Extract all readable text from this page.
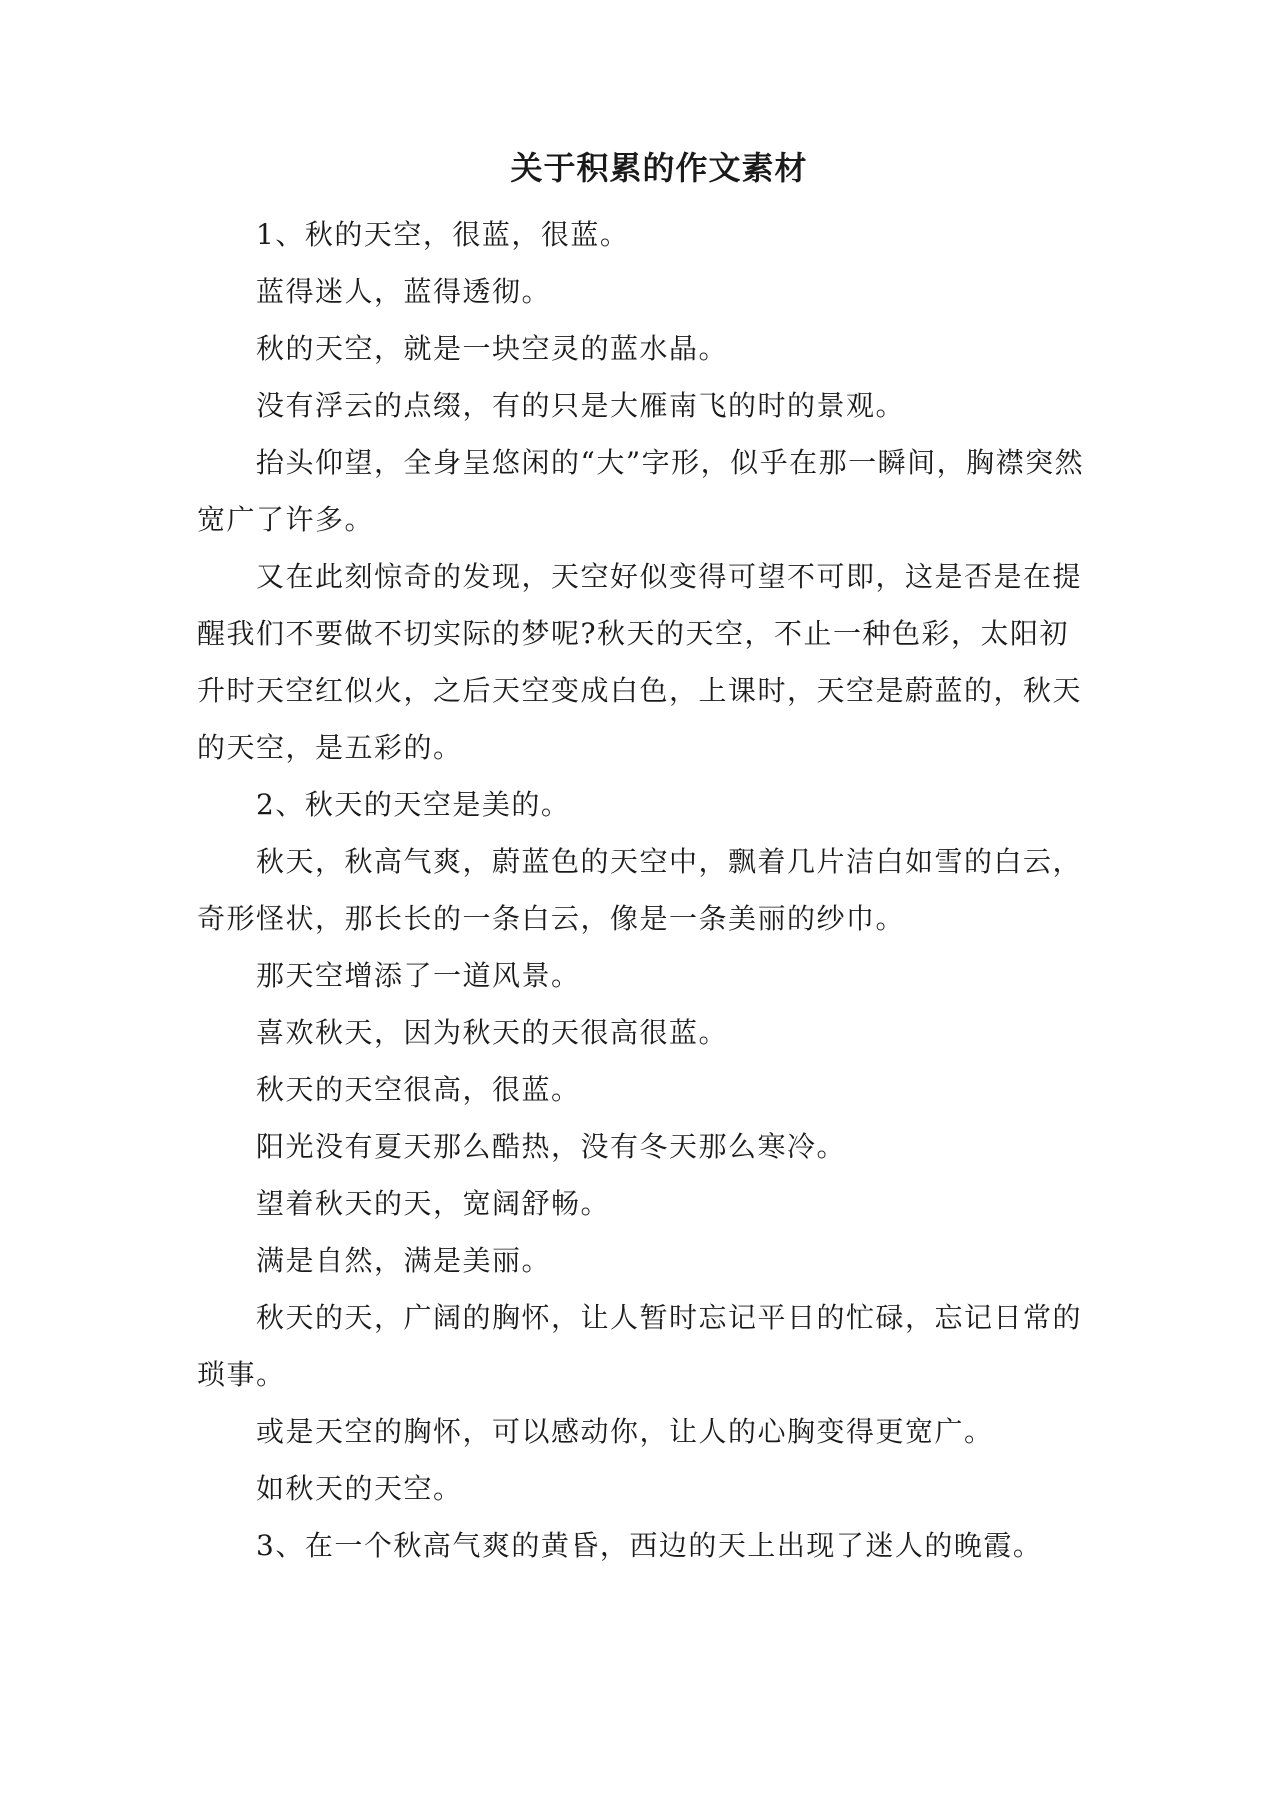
关于积累的作文素材

1、秋的天空，很蓝，很蓝。

蓝得迷人，蓝得透彻。

秋的天空，就是一块空灵的蓝水晶。

没有浮云的点缀，有的只是大雁南飞的时的景观。

抬头仰望，全身呈悠闲的“大”字形，似乎在那一瞬间，胸襟突然宽广了许多。

又在此刻惊奇的发现，天空好似变得可望不可即，这是否是在提醒我们不要做不切实际的梦呢?秋天的天空，不止一种色彩，太阳初升时天空红似火，之后天空变成白色，上课时，天空是蔚蓝的，秋天的天空，是五彩的。

2、秋天的天空是美的。

秋天，秋高气爽，蔚蓝色的天空中，飘着几片洁白如雪的白云，奇形怪状，那长长的一条白云，像是一条美丽的纱巾。

那天空增添了一道风景。

喜欢秋天，因为秋天的天很高很蓝。

秋天的天空很高，很蓝。

阳光没有夏天那么酷热，没有冬天那么寒冷。

望着秋天的天，宽阔舒畅。

满是自然，满是美丽。

秋天的天，广阔的胸怀，让人暂时忘记平日的忙碌，忘记日常的琐事。

或是天空的胸怀，可以感动你，让人的心胸变得更宽广。

如秋天的天空。

3、在一个秋高气爽的黄昏，西边的天上出现了迷人的晚霞。
